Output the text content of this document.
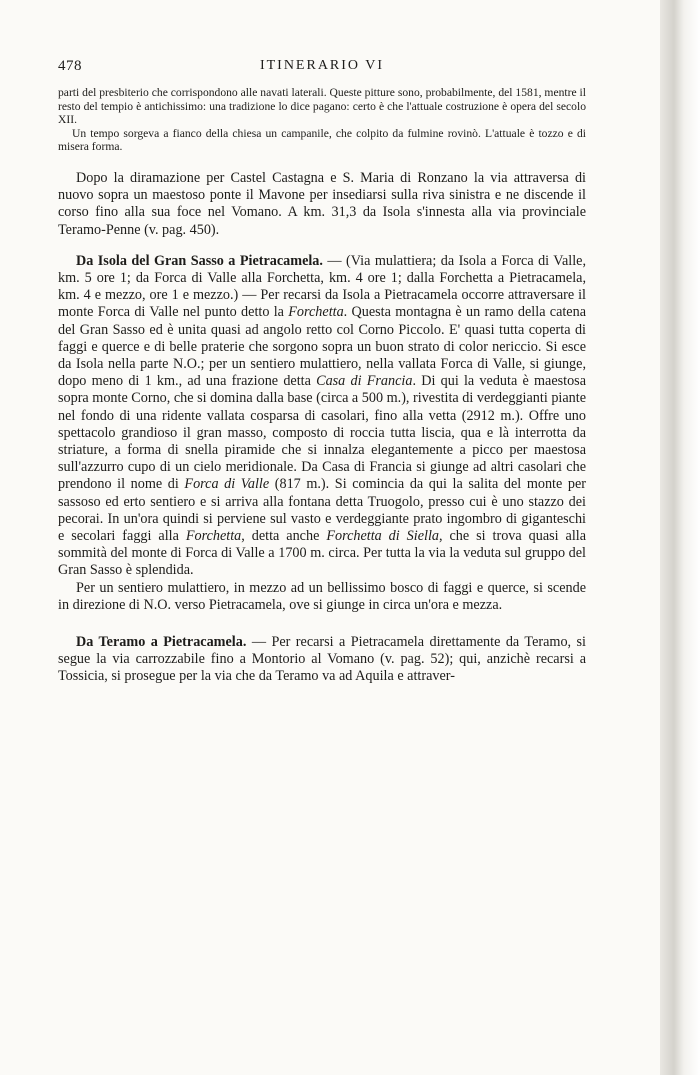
478	ITINERARIO VI

parti del presbiterio che corrispondono alle navati laterali. Queste pitture sono, probabilmente, del 1581, mentre il resto del tempio è antichissimo: una tradizione lo dice pagano: certo è che l'attuale costruzione è opera del secolo XII.

Un tempo sorgeva a fianco della chiesa un campanile, che colpito da fulmine rovinò. L'attuale è tozzo e di misera forma.

Dopo la diramazione per Castel Castagna e S. Maria di Ronzano la via attraversa di nuovo sopra un maestoso ponte il Mavone per insediarsi sulla riva sinistra e ne discende il corso fino alla sua foce nel Vomano. A km. 31,3 da Isola s'innesta alla via provinciale Teramo-Penne (v. pag. 450).

Da Isola del Gran Sasso a Pietracamela. — (Via mulattiera; da Isola a Forca di Valle, km. 5 ore 1; da Forca di Valle alla Forchetta, km. 4 ore 1; dalla Forchetta a Pietracamela, km. 4 e mezzo, ore 1 e mezzo.) — Per recarsi da Isola a Pietracamela occorre attraversare il monte Forca di Valle nel punto detto la Forchetta. Questa montagna è un ramo della catena del Gran Sasso ed è unita quasi ad angolo retto col Corno Piccolo. E' quasi tutta coperta di faggi e querce e di belle praterie che sorgono sopra un buon strato di color nericcio. Si esce da Isola nella parte N.O.; per un sentiero mulattiero, nella vallata Forca di Valle, si giunge, dopo meno di 1 km., ad una frazione detta Casa di Francia. Di qui la veduta è maestosa sopra monte Corno, che si domina dalla base (circa a 500 m.), rivestita di verdeggianti piante nel fondo di una ridente vallata cosparsa di casolari, fino alla vetta (2912 m.). Offre uno spettacolo grandioso il gran masso, composto di roccia tutta liscia, qua e là interrotta da striature, a forma di snella piramide che si innalza elegantemente a picco per maestosa sull'azzurro cupo di un cielo meridionale. Da Casa di Francia si giunge ad altri casolari che prendono il nome di Forca di Valle (817 m.). Si comincia da qui la salita del monte per sassoso ed erto sentiero e si arriva alla fontana detta Truogolo, presso cui è uno stazzo dei pecorai. In un'ora quindi si perviene sul vasto e verdeggiante prato ingombro di giganteschi e secolari faggi alla Forchetta, detta anche Forchetta di Siella, che si trova quasi alla sommità del monte di Forca di Valle a 1700 m. circa. Per tutta la via la veduta sul gruppo del Gran Sasso è splendida.

Per un sentiero mulattiero, in mezzo ad un bellissimo bosco di faggi e querce, si scende in direzione di N.O. verso Pietracamela, ove si giunge in circa un'ora e mezza.

Da Teramo a Pietracamela. — Per recarsi a Pietracamela direttamente da Teramo, si segue la via carrozzabile fino a Montorio al Vomano (v. pag. 52); qui, anzichè recarsi a Tossicia, si prosegue per la via che da Teramo va ad Aquila e attraver-
